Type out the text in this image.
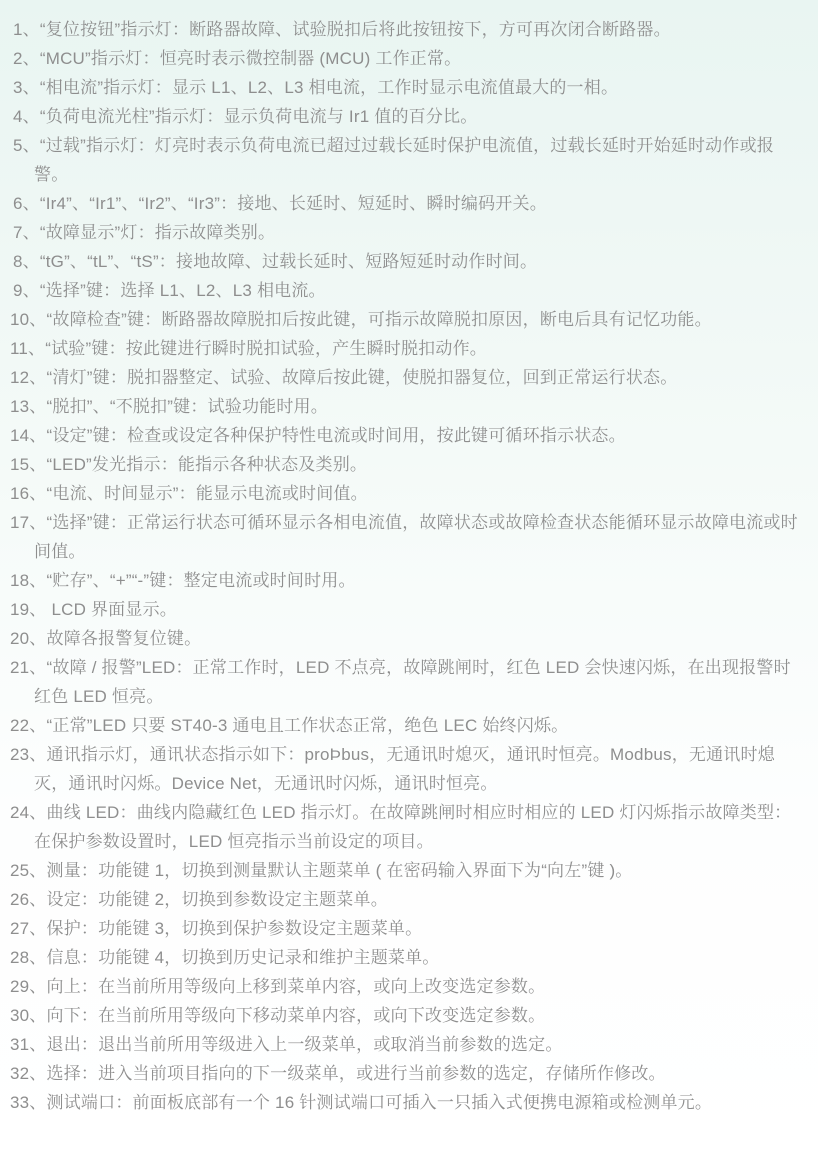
1、“复位按钮”指示灯：断路器故障、试验脱扣后将此按钮按下，方可再次闭合断路器。
2、“MCU”指示灯：恒亮时表示微控制器 (MCU) 工作正常。
3、“相电流”指示灯：显示 L1、L2、L3 相电流，工作时显示电流值最大的一相。
4、“负荷电流光柱”指示灯：显示负荷电流与 Ir1 值的百分比。
5、“过载”指示灯：灯亮时表示负荷电流已超过过载长延时保护电流值，过载长延时开始延时动作或报警。
6、“Ir4”、“Ir1”、“Ir2”、“Ir3”：接地、长延时、短延时、瞬时编码开关。
7、“故障显示”灯：指示故障类别。
8、“tG”、“tL”、“tS”：接地故障、过载长延时、短路短延时动作时间。
9、“选择”键：选择 L1、L2、L3 相电流。
10、“故障检查”键：断路器故障脱扣后按此键，可指示故障脱扣原因，断电后具有记忆功能。
11、“试验”键：按此键进行瞬时脱扣试验，产生瞬时脱扣动作。
12、“清灯”键：脱扣器整定、试验、故障后按此键，使脱扣器复位，回到正常运行状态。
13、“脱扣”、“不脱扣”键：试验功能时用。
14、“设定”键：检查或设定各种保护特性电流或时间用，按此键可循环指示状态。
15、“LED”发光指示：能指示各种状态及类别。
16、“电流、时间显示”：能显示电流或时间值。
17、“选择”键：正常运行状态可循环显示各相电流值，故障状态或故障检查状态能循环显示故障电流或时间值。
18、“贮存”、“+”“-”键：整定电流或时间时用。
19、 LCD 界面显示。
20、故障各报警复位键。
21、“故障 / 报警”LED：正常工作时，LED 不点亮，故障跳闸时，红色 LED 会快速闪烁，在出现报警时红色 LED 恒亮。
22、“正常”LED 只要 ST40-3 通电且工作状态正常，绝色 LEC 始终闪烁。
23、通讯指示灯，通讯状态指示如下：proÞbus，无通讯时熄灭，通讯时恒亮。Modbus，无通讯时熄灭，通讯时闪烁。Device Net，无通讯时闪烁，通讯时恒亮。
24、曲线 LED：曲线内隐藏红色 LED 指示灯。在故障跳闸时相应时相应的 LED 灯闪烁指示故障类型：在保护参数设置时，LED 恒亮指示当前设定的项目。
25、测量：功能键 1，切换到测量默认主题菜单 ( 在密码输入界面下为“向左”键 )。
26、设定：功能键 2，切换到参数设定主题菜单。
27、保护：功能键 3，切换到保护参数设定主题菜单。
28、信息：功能键 4，切换到历史记录和维护主题菜单。
29、向上：在当前所用等级向上移到菜单内容，或向上改变选定参数。
30、向下：在当前所用等级向下移动菜单内容，或向下改变选定参数。
31、退出：退出当前所用等级进入上一级菜单，或取消当前参数的选定。
32、选择：进入当前项目指向的下一级菜单，或进行当前参数的选定，存储所作修改。
33、测试端口：前面板底部有一个 16 针测试端口可插入一只插入式便携电源箱或检测单元。
